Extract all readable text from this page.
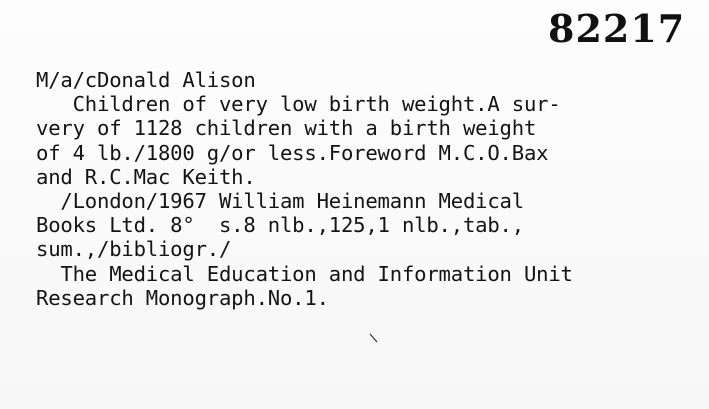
82217
M/a/cDonald Alison
Children of very low birth weight.A sur-
very of 1128 children with a birth weight
of 4 lb./1800 g/or less.Foreword M.C.O.Bax
and R.C.Mac Keith.
/London/1967 William Heinemann Medical
Books Ltd. 8°  s.8 nlb.,125,1 nlb.,tab.,
sum.,/bibliogr./
The Medical Education and Information Unit
Research Monograph.No.1.
